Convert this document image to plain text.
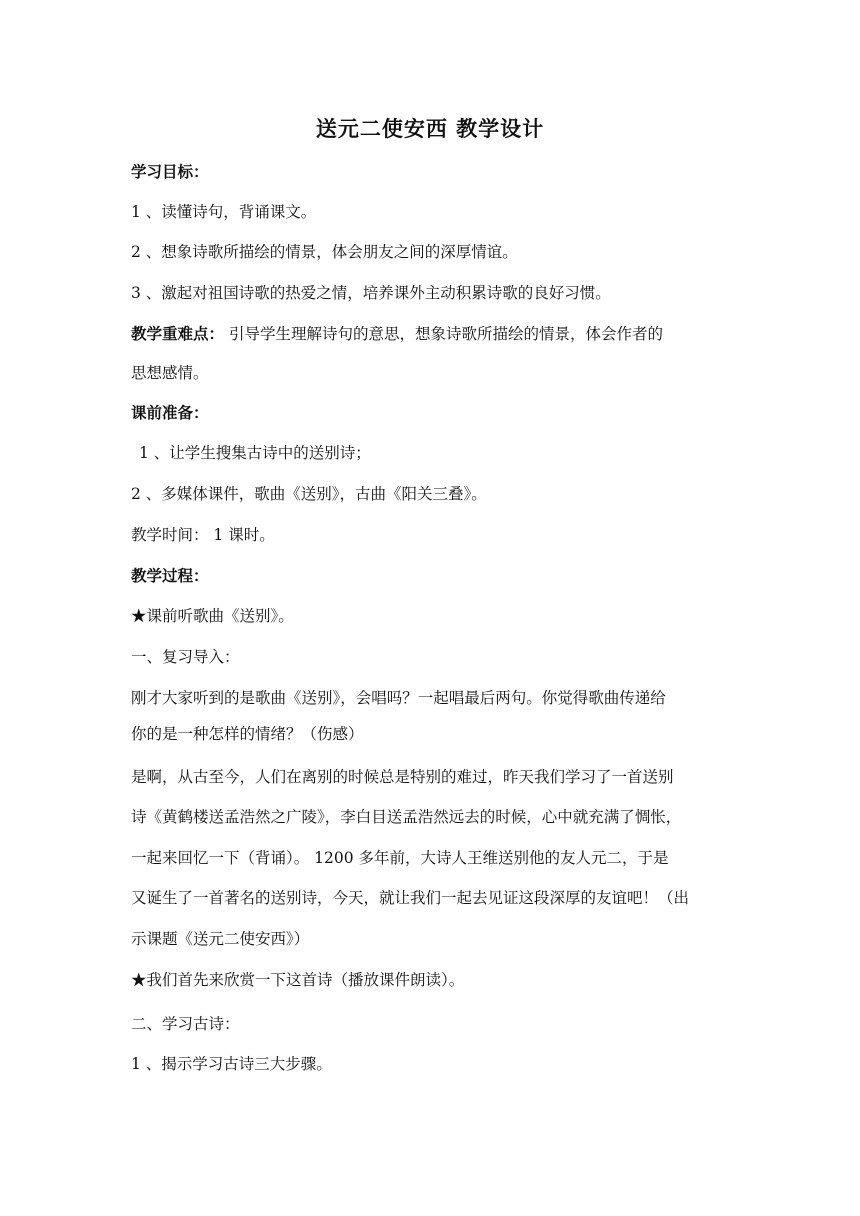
送元二使安西 教学设计
学习目标：
1 、读懂诗句，背诵课文。
2 、想象诗歌所描绘的情景，体会朋友之间的深厚情谊。
3 、激起对祖国诗歌的热爱之情，培养课外主动积累诗歌的良好习惯。
教学重难点： 引导学生理解诗句的意思，想象诗歌所描绘的情景，体会作者的
思想感情。
课前准备：
1 、让学生搜集古诗中的送别诗；
2 、多媒体课件，歌曲《送别》，古曲《阳关三叠》。
教学时间： 1 课时。
教学过程：
★课前听歌曲《送别》。
一、复习导入：
刚才大家听到的是歌曲《送别》，会唱吗？一起唱最后两句。你觉得歌曲传递给
你的是一种怎样的情绪？（伤感）
是啊，从古至今，人们在离别的时候总是特别的难过，昨天我们学习了一首送别
诗《黄鹤楼送孟浩然之广陵》，李白目送孟浩然远去的时候，心中就充满了惆怅，
一起来回忆一下（背诵）。 1200 多年前，大诗人王维送别他的友人元二，于是
又诞生了一首著名的送别诗，今天，就让我们一起去见证这段深厚的友谊吧！（出
示课题《送元二使安西》）
★我们首先来欣赏一下这首诗（播放课件朗读）。
二、学习古诗：
1 、揭示学习古诗三大步骤。
